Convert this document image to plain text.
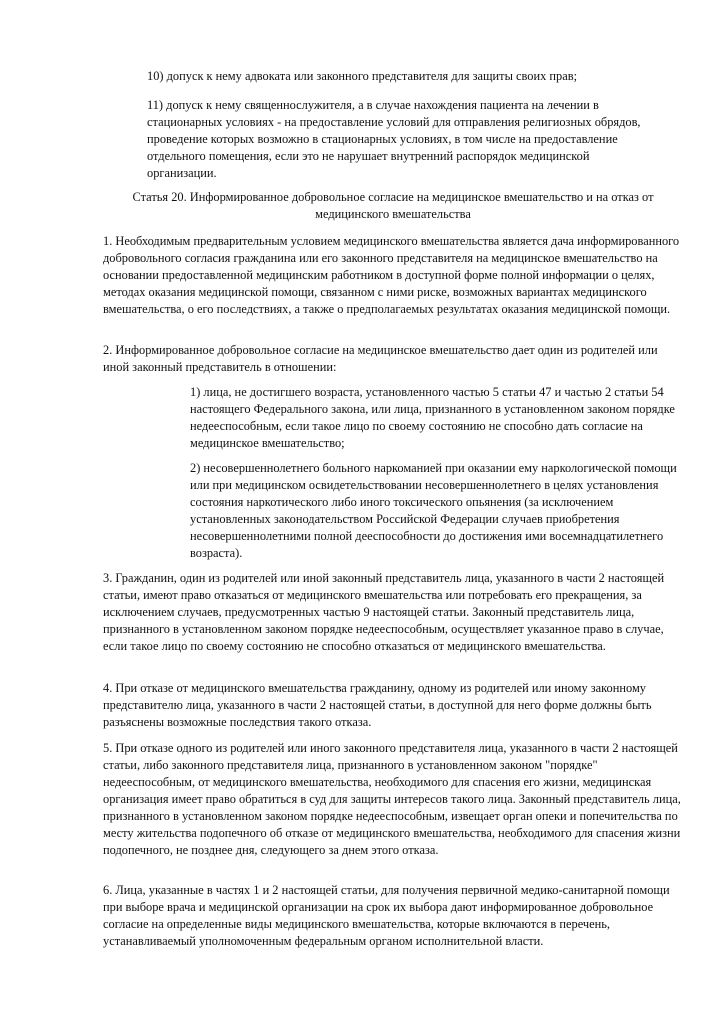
10) допуск к нему адвоката или законного представителя для защиты своих прав;

11) допуск к нему священнослужителя, а в случае нахождения пациента на лечении в стационарных условиях - на предоставление условий для отправления религиозных обрядов, проведение которых возможно в стационарных условиях, в том числе на предоставление отдельного помещения, если это не нарушает внутренний распорядок медицинской организации.

Статья 20. Информированное добровольное согласие на медицинское вмешательство и на отказ от медицинского вмешательства

1. Необходимым предварительным условием медицинского вмешательства является дача информированного добровольного согласия гражданина или его законного представителя на медицинское вмешательство на основании предоставленной медицинским работником в доступной форме полной информации о целях, методах оказания медицинской помощи, связанном с ними риске, возможных вариантах медицинского вмешательства, о его последствиях, а также о предполагаемых результатах оказания медицинской помощи.

2. Информированное добровольное согласие на медицинское вмешательство дает один из родителей или иной законный представитель в отношении:

1) лица, не достигшего возраста, установленного частью 5 статьи 47 и частью 2 статьи 54 настоящего Федерального закона, или лица, признанного в установленном законом порядке недееспособным, если такое лицо по своему состоянию не способно дать согласие на медицинское вмешательство;

2) несовершеннолетнего больного наркоманией при оказании ему наркологической помощи или при медицинском освидетельствовании несовершеннолетнего в целях установления состояния наркотического либо иного токсического опьянения (за исключением установленных законодательством Российской Федерации случаев приобретения несовершеннолетними полной дееспособности до достижения ими восемнадцатилетнего возраста).

3. Гражданин, один из родителей или иной законный представитель лица, указанного в части 2 настоящей статьи, имеют право отказаться от медицинского вмешательства или потребовать его прекращения, за исключением случаев, предусмотренных частью 9 настоящей статьи. Законный представитель лица, признанного в установленном законом порядке недееспособным, осуществляет указанное право в случае, если такое лицо по своему состоянию не способно отказаться от медицинского вмешательства.

4. При отказе от медицинского вмешательства гражданину, одному из родителей или иному законному представителю лица, указанного в части 2 настоящей статьи, в доступной для него форме должны быть разъяснены возможные последствия такого отказа.

5. При отказе одного из родителей или иного законного представителя лица, указанного в части 2 настоящей статьи, либо законного представителя лица, признанного в установленном законом "порядке" недееспособным, от медицинского вмешательства, необходимого для спасения его жизни, медицинская организация имеет право обратиться в суд для защиты интересов такого лица. Законный представитель лица, признанного в установленном законом порядке недееспособным, извещает орган опеки и попечительства по месту жительства подопечного об отказе от медицинского вмешательства, необходимого для спасения жизни подопечного, не позднее дня, следующего за днем этого отказа.

6. Лица, указанные в частях 1 и 2 настоящей статьи, для получения первичной медико-санитарной помощи при выборе врача и медицинской организации на срок их выбора дают информированное добровольное согласие на определенные виды медицинского вмешательства, которые включаются в перечень, устанавливаемый уполномоченным федеральным органом исполнительной власти.
